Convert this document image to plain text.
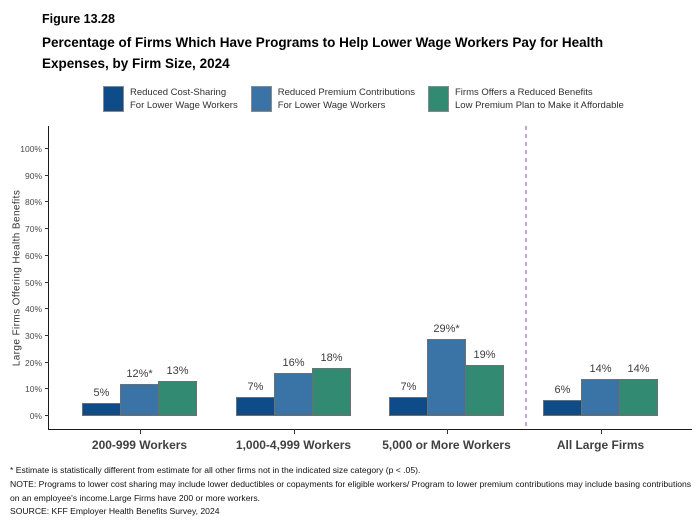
Figure 13.28
Percentage of Firms Which Have Programs to Help Lower Wage Workers Pay for Health
Expenses, by Firm Size, 2024
Reduced Cost-Sharing
For Lower Wage Workers
Reduced Premium Contributions
For Lower Wage Workers
Firms Offers a Reduced Benefits
Low Premium Plan to Make it Affordable
Large Firms Offering Health Benefits
0%
10%
20%
30%
40%
50%
60%
70%
80%
90%
100%
5%
12%*	13%
200-999 Workers
7%
16%	18%
1,000-4,999 Workers
7%
29%*
19%
5,000 or More Workers
6%
14%	14%
All Large Firms

* Estimate is statistically different from estimate for all other firms not in the indicated size category (p < .05).

NOTE: Programs to lower cost sharing may include lower deductibles or copayments for eligible workers/ Program to lower premium contributions may include basing contributions on an employee's income.Large Firms have 200 or more workers.

SOURCE: KFF Employer Health Benefits Survey, 2024
